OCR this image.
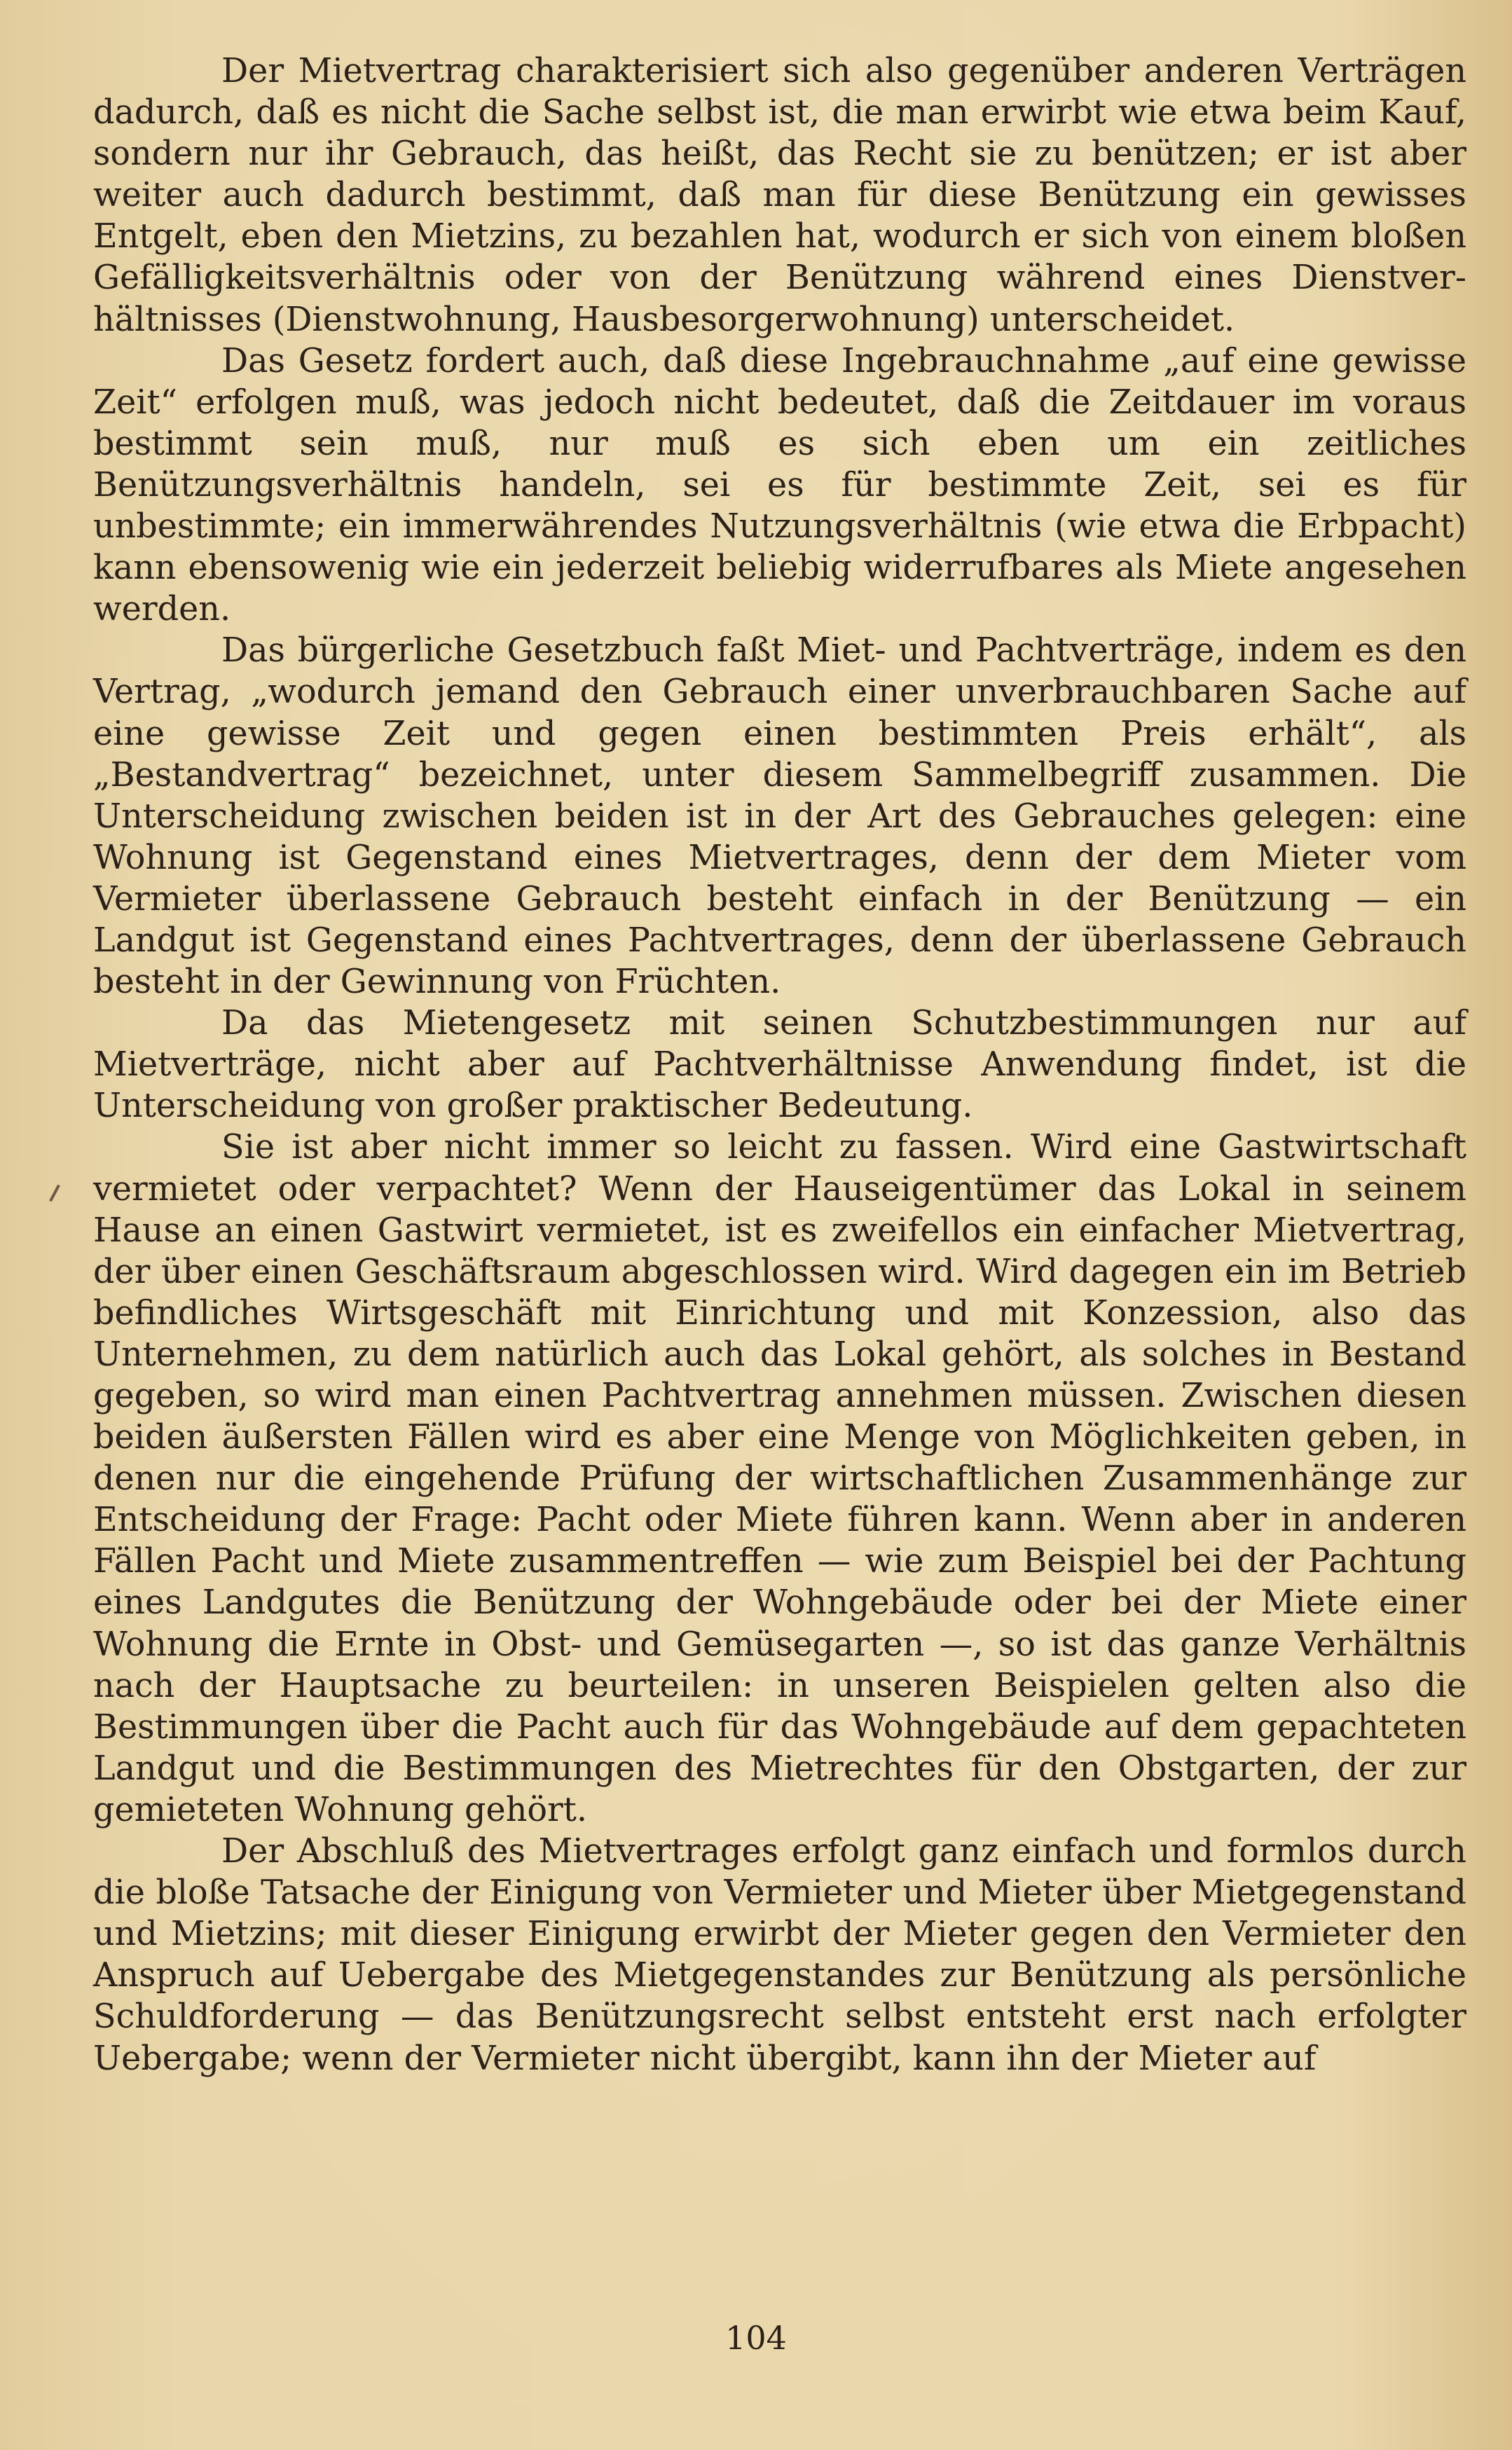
Der Mietvertrag charakterisiert sich also gegenüber anderen Verträgen dadurch, daß es nicht die Sache selbst ist, die man erwirbt wie etwa beim Kauf, sondern nur ihr Gebrauch, das heißt, das Recht sie zu benützen; er ist aber weiter auch dadurch bestimmt, daß man für diese Benützung ein gewisses Entgelt, eben den Mietzins, zu bezahlen hat, wodurch er sich von einem bloßen Gefälligkeitsverhältnis oder von der Benützung während eines Dienstverhältnisses (Dienstwohnung, Hausbesorgerwohnung) unterscheidet.

Das Gesetz fordert auch, daß diese Ingebrauchnahme „auf eine gewisse Zeit“ erfolgen muß, was jedoch nicht bedeutet, daß die Zeitdauer im voraus bestimmt sein muß, nur muß es sich eben um ein zeitliches Benützungsverhältnis handeln, sei es für bestimmte Zeit, sei es für unbestimmte; ein immerwährendes Nutzungsverhältnis (wie etwa die Erbpacht) kann ebensowenig wie ein jederzeit beliebig widerrufbares als Miete angesehen werden.

Das bürgerliche Gesetzbuch faßt Miet- und Pachtverträge, indem es den Vertrag, „wodurch jemand den Gebrauch einer unverbrauchbaren Sache auf eine gewisse Zeit und gegen einen bestimmten Preis erhält“, als „Bestandvertrag“ bezeichnet, unter diesem Sammelbegriff zusammen. Die Unterscheidung zwischen beiden ist in der Art des Gebrauches gelegen: eine Wohnung ist Gegenstand eines Mietvertrages, denn der dem Mieter vom Vermieter überlassene Gebrauch besteht einfach in der Benützung — ein Landgut ist Gegenstand eines Pachtvertrages, denn der überlassene Gebrauch besteht in der Gewinnung von Früchten.

Da das Mietengesetz mit seinen Schutzbestimmungen nur auf Mietverträge, nicht aber auf Pachtverhältnisse Anwendung findet, ist die Unterscheidung von großer praktischer Bedeutung.

Sie ist aber nicht immer so leicht zu fassen. Wird eine Gastwirtschaft vermietet oder verpachtet? Wenn der Hauseigentümer das Lokal in seinem Hause an einen Gastwirt vermietet, ist es zweifellos ein einfacher Mietvertrag, der über einen Geschäftsraum abgeschlossen wird. Wird dagegen ein im Betrieb befindliches Wirtsgeschäft mit Einrichtung und mit Konzession, also das Unternehmen, zu dem natürlich auch das Lokal gehört, als solches in Bestand gegeben, so wird man einen Pachtvertrag annehmen müssen. Zwischen diesen beiden äußersten Fällen wird es aber eine Menge von Möglichkeiten geben, in denen nur die eingehende Prüfung der wirtschaftlichen Zusammenhänge zur Entscheidung der Frage: Pacht oder Miete führen kann. Wenn aber in anderen Fällen Pacht und Miete zusammentreffen — wie zum Beispiel bei der Pachtung eines Landgutes die Benützung der Wohngebäude oder bei der Miete einer Wohnung die Ernte in Obst- und Gemüsegarten —, so ist das ganze Verhältnis nach der Hauptsache zu beurteilen: in unseren Beispielen gelten also die Bestimmungen über die Pacht auch für das Wohngebäude auf dem gepachteten Landgut und die Bestimmungen des Mietrechtes für den Obstgarten, der zur gemieteten Wohnung gehört.

Der Abschluß des Mietvertrages erfolgt ganz einfach und formlos durch die bloße Tatsache der Einigung von Vermieter und Mieter über Mietgegenstand und Mietzins; mit dieser Einigung erwirbt der Mieter gegen den Vermieter den Anspruch auf Uebergabe des Mietgegenstandes zur Benützung als persönliche Schuldforderung — das Benützungsrecht selbst entsteht erst nach erfolgter Uebergabe; wenn der Vermieter nicht übergibt, kann ihn der Mieter auf

104
